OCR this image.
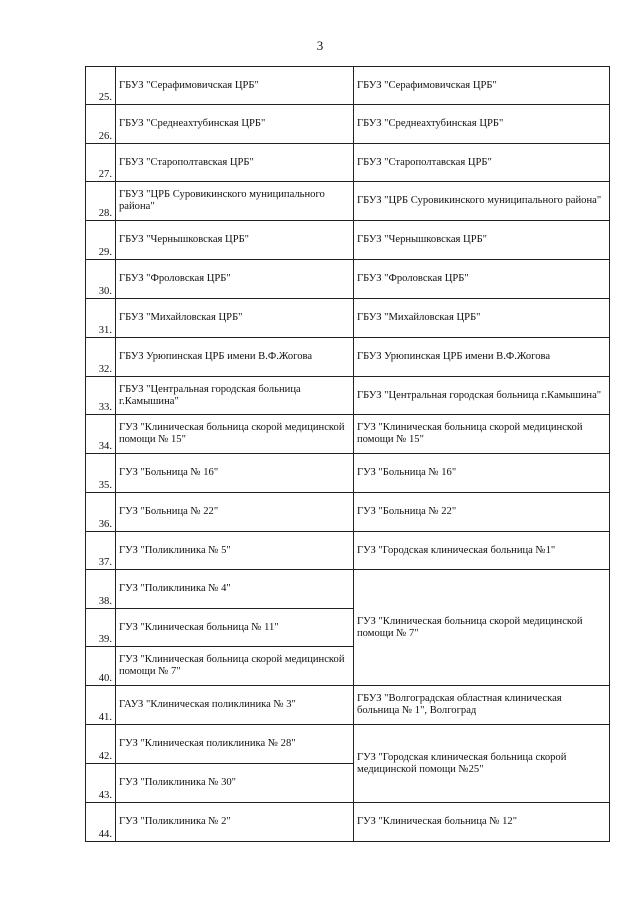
3
25.	ГБУЗ "Серафимовичская ЦРБ"	ГБУЗ "Серафимовичская ЦРБ"
26.	ГБУЗ "Среднеахтубинская ЦРБ"	ГБУЗ "Среднеахтубинская ЦРБ"
27.	ГБУЗ "Старополтавская ЦРБ"	ГБУЗ "Старополтавская ЦРБ"
28.	ГБУЗ "ЦРБ Суровикинского муниципального района"	ГБУЗ "ЦРБ Суровикинского муниципального района"
29.	ГБУЗ "Чернышковская ЦРБ"	ГБУЗ "Чернышковская ЦРБ"
30.	ГБУЗ "Фроловская ЦРБ"	ГБУЗ "Фроловская ЦРБ"
31.	ГБУЗ "Михайловская ЦРБ"	ГБУЗ "Михайловская ЦРБ"
32.	ГБУЗ Урюпинская ЦРБ имени В.Ф.Жогова	ГБУЗ Урюпинская ЦРБ имени В.Ф.Жогова
33.	ГБУЗ "Центральная городская больница г.Камышина"	ГБУЗ "Центральная городская больница г.Камышина"
34.	ГУЗ "Клиническая больница скорой медицинской помощи № 15"	ГУЗ "Клиническая больница скорой медицинской помощи № 15"
35.	ГУЗ "Больница № 16"	ГУЗ "Больница № 16"
36.	ГУЗ "Больница № 22"	ГУЗ "Больница № 22"
37.	ГУЗ "Поликлиника № 5"	ГУЗ "Городская клиническая больница №1"
38.	ГУЗ "Поликлиника № 4"	ГУЗ "Клиническая больница скорой медицинской помощи № 7"
39.	ГУЗ "Клиническая больница № 11"	
40.	ГУЗ "Клиническая больница скорой медицинской помощи № 7"	
41.	ГАУЗ "Клиническая поликлиника № 3"	ГБУЗ "Волгоградская областная клиническая больница № 1", Волгоград
42.	ГУЗ "Клиническая поликлиника № 28"	ГУЗ "Городская клиническая больница скорой медицинской помощи №25"
43.	ГУЗ "Поликлиника № 30"	
44.	ГУЗ "Поликлиника № 2"	ГУЗ "Клиническая больница № 12"
